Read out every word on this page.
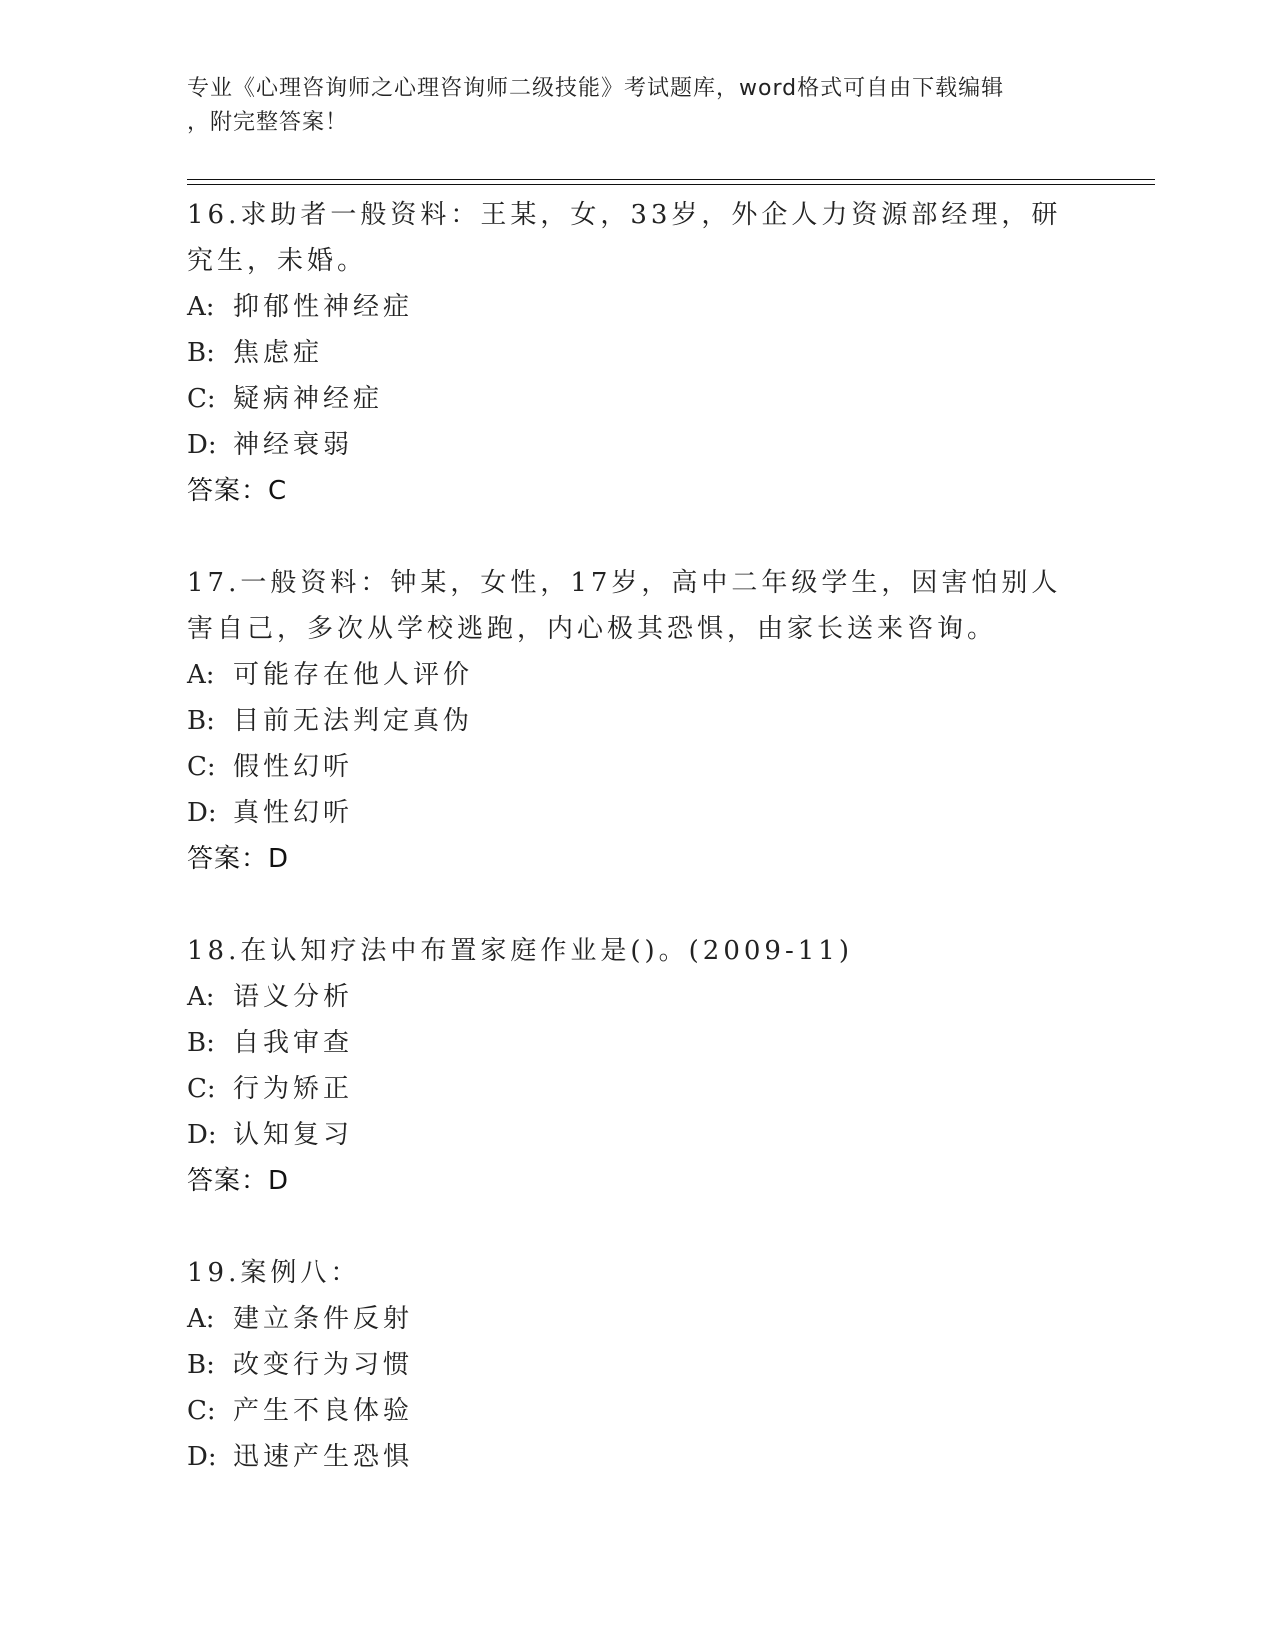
专业《心理咨询师之心理咨询师二级技能》考试题库，word格式可自由下载编辑
，附完整答案！
16.求助者一般资料：王某，女，33岁，外企人力资源部经理，研究生，未婚。
A: 抑郁性神经症
B: 焦虑症
C: 疑病神经症
D: 神经衰弱
答案：C
17.一般资料：钟某，女性，17岁，高中二年级学生，因害怕别人害自己，多次从学校逃跑，内心极其恐惧，由家长送来咨询。
A: 可能存在他人评价
B: 目前无法判定真伪
C: 假性幻听
D: 真性幻听
答案：D
18.在认知疗法中布置家庭作业是()。(2009-11)
A: 语义分析
B: 自我审查
C: 行为矫正
D: 认知复习
答案：D
19.案例八：
A: 建立条件反射
B: 改变行为习惯
C: 产生不良体验
D: 迅速产生恐惧
